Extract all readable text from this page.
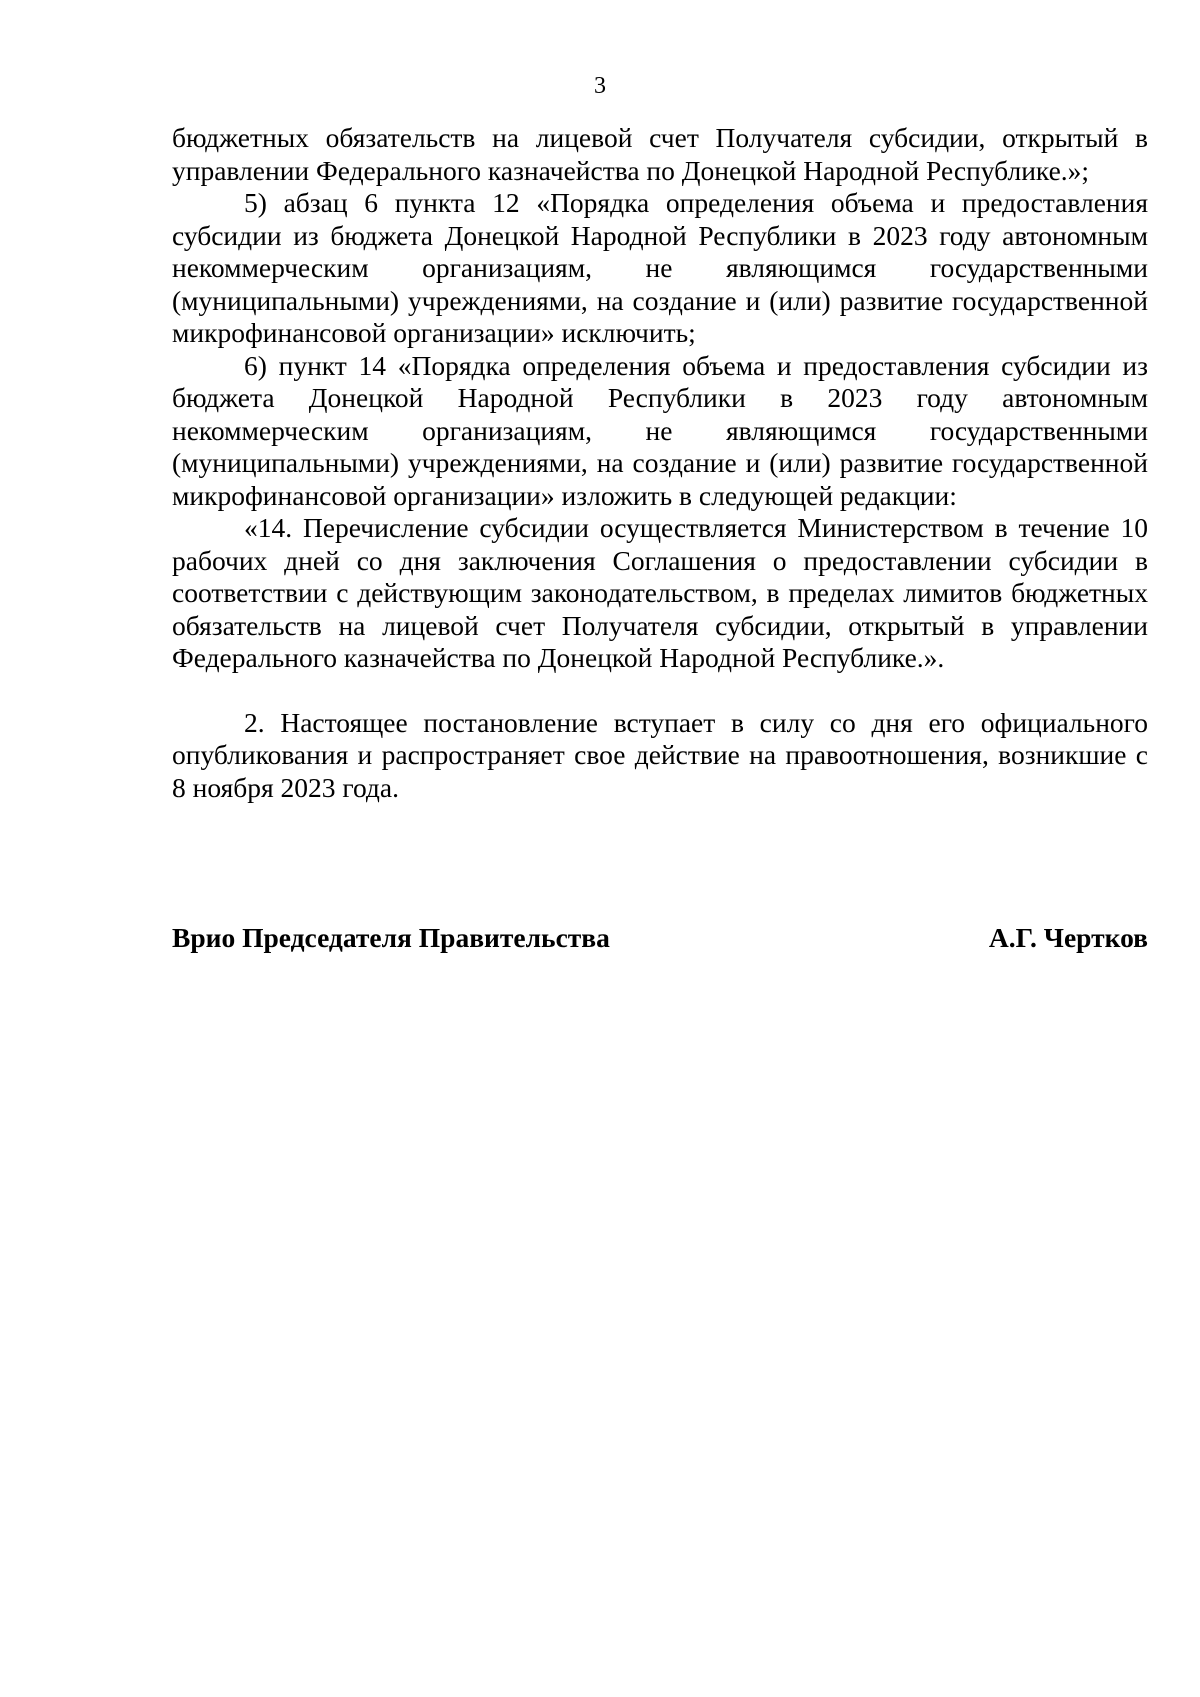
3

бюджетных обязательств на лицевой счет Получателя субсидии, открытый в управлении Федерального казначейства по Донецкой Народной Республике.»;

5) абзац 6 пункта 12 «Порядка определения объема и предоставления субсидии из бюджета Донецкой Народной Республики в 2023 году автономным некоммерческим организациям, не являющимся государственными (муниципальными) учреждениями, на создание и (или) развитие государственной микрофинансовой организации» исключить;

6) пункт 14 «Порядка определения объема и предоставления субсидии из бюджета Донецкой Народной Республики в 2023 году автономным некоммерческим организациям, не являющимся государственными (муниципальными) учреждениями, на создание и (или) развитие государственной микрофинансовой организации» изложить в следующей редакции:

«14. Перечисление субсидии осуществляется Министерством в течение 10 рабочих дней со дня заключения Соглашения о предоставлении субсидии в соответствии с действующим законодательством, в пределах лимитов бюджетных обязательств на лицевой счет Получателя субсидии, открытый в управлении Федерального казначейства по Донецкой Народной Республике.».

2. Настоящее постановление вступает в силу со дня его официального опубликования и распространяет свое действие на правоотношения, возникшие с 8 ноября 2023 года.

Врио Председателя Правительства	А.Г. Чертков
